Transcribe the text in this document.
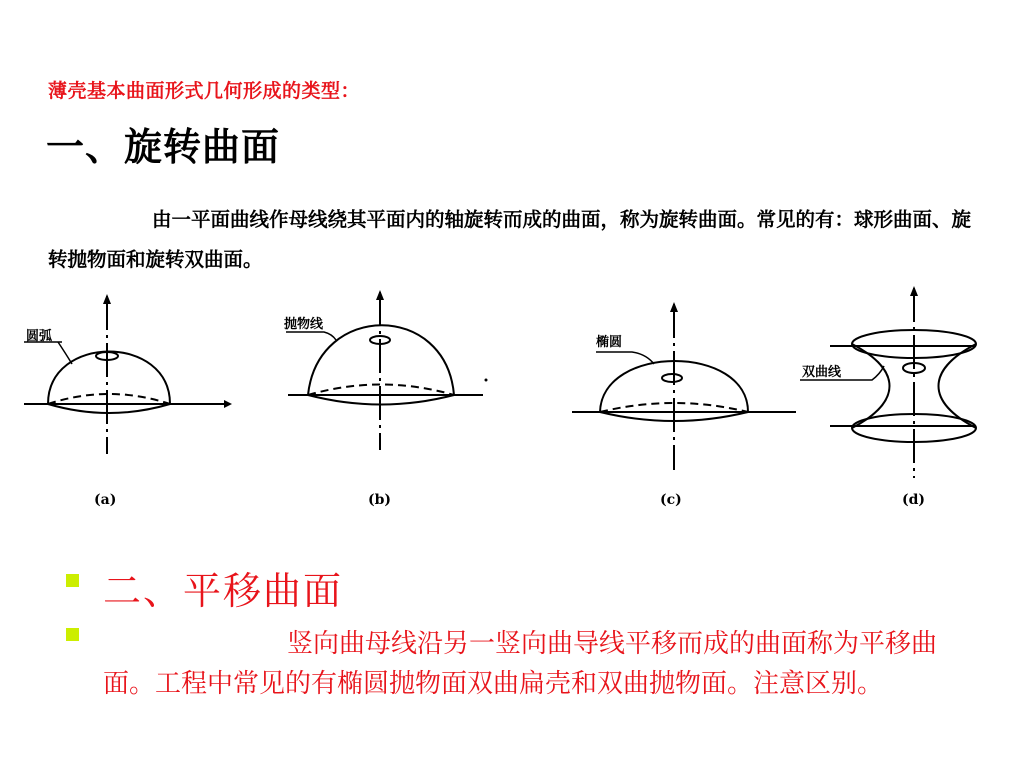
薄壳基本曲面形式几何形成的类型：
一、旋转曲面
由一平面曲线作母线绕其平面内的轴旋转而成的曲面，称为旋转曲面。常见的有：球形曲面、旋转抛物面和旋转双曲面。
圆弧
(a)
抛物线
(b)
椭圆
(c)
双曲线
(d)
二、平移曲面
竖向曲母线沿另一竖向曲导线平移而成的曲面称为平移曲面。工程中常见的有椭圆抛物面双曲扁壳和双曲抛物面。注意区别。
